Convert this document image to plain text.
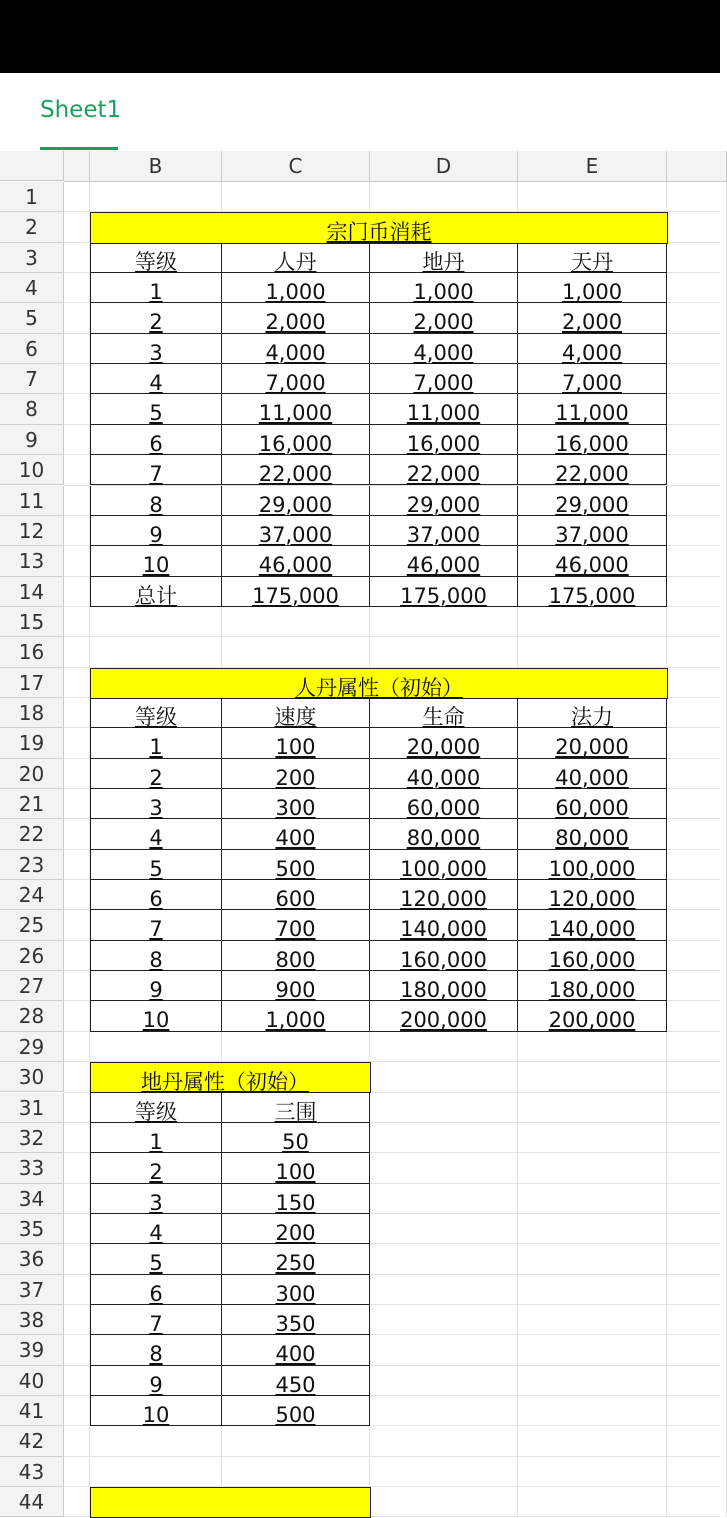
Sheet1
B	C	D	E
1
2
3
4
5
6
7
8
9
10
11
12
13
14
15
16
17
18
19
20
21
22
23
24
25
26
27
28
29
30
31
32
33
34
35
36
37
38
39
40
41
42
43
44
宗门币消耗
等级	人丹	地丹	天丹
1	1,000	1,000	1,000
2	2,000	2,000	2,000
3	4,000	4,000	4,000
4	7,000	7,000	7,000
5	11,000	11,000	11,000
6	16,000	16,000	16,000
7	22,000	22,000	22,000
8	29,000	29,000	29,000
9	37,000	37,000	37,000
10	46,000	46,000	46,000
总计	175,000	175,000	175,000
人丹属性（初始）
等级	速度	生命	法力
1	100	20,000	20,000
2	200	40,000	40,000
3	300	60,000	60,000
4	400	80,000	80,000
5	500	100,000	100,000
6	600	120,000	120,000
7	700	140,000	140,000
8	800	160,000	160,000
9	900	180,000	180,000
10	1,000	200,000	200,000
地丹属性（初始）
等级	三围
1	50
2	100
3	150
4	200
5	250
6	300
7	350
8	400
9	450
10	500
